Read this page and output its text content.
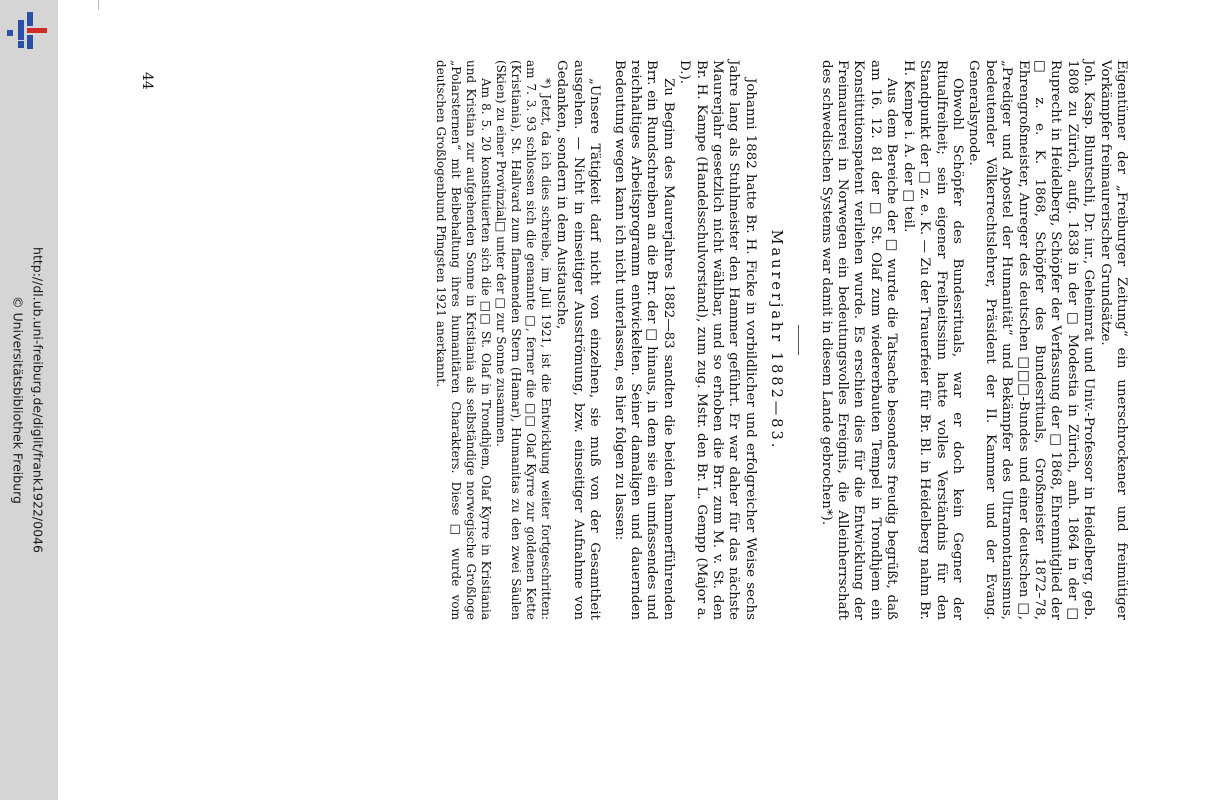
http://dl.ub.uni-freiburg.de/diglit/frank1922/0046
© Universitätsbibliothek Freiburg	Eigentümer der „Freiburger Zeitung“ ein unerschrockener und freimütiger Vorkämpfer freimaurerischer Grundsätze.

Joh. Kasp. Bluntschli, Dr. iur., Geheimrat und Univ.-Professor in Heidelberg, geb. 1808 zu Zürich, aufg. 1838 in der □ Modestia in Zürich, anh. 1864 in der □ Ruprecht in Heidelberg, Schöpfer der Verfassung der □ 1868, Ehrenmitglied der □ z. e. K. 1868, Schöpfer des Bundesrituals, Großmeister 1872–78, Ehrengroßmeister, Anreger des deutschen □□□-Bundes und einer deutschen □, „Prediger und Apostel der Humanität“ und Bekämpfer des Ultramontanismus, bedeutender Völkerrechtslehrer, Präsident der II. Kammer und der Evang. Generalsynode.

Obwohl Schöpfer des Bundesrituals, war er doch kein Gegner der Ritualfreiheit; sein eigener Freiheitssinn hatte volles Verständnis für den Standpunkt der □ z. e. K. — Zu der Trauerfeier für Br. Bl. in Heidelberg nahm Br. H. Kempe i. A. der □ teil.

Aus dem Bereiche der □ wurde die Tatsache besonders freudig begrüßt, daß am 16. 12. 81 der □ St. Olaf zum wiedererbauten Tempel in Trondhjem ein Konstitutionspatent verliehen wurde. Es erschien dies für die Entwicklung der Freimaurerei in Norwegen ein bedeutungsvolles Ereignis, die Alleinherrschaft des schwedischen Systems war damit in diesem Lande gebrochen*).

Maurerjahr 1882—83.

Johanni 1882 hatte Br. H. Ficke in vorbildlicher und erfolgreicher Weise sechs Jahre lang als Stuhlmeister den Hammer geführt. Er war daher für das nächste Maurerjahr gesetzlich nicht wählbar, und so erhoben die Brr. zum M. v. St. den Br. H. Kampe (Handelsschulvorstand), zum zug. Mstr. den Br. L. Gempp (Major a. D.).

Zu Beginn des Maurerjahres 1882—83 sandten die beiden hammerführenden Brr. ein Rundschreiben an die Brr. der □ hinaus, in dem sie ein umfassendes und reichhaltiges Arbeitsprogramm entwickelten. Seiner damaligen und dauernden Bedeutung wegen kann ich nicht unterlassen, es hier folgen zu lassen:

„Unsere Tätigkeit darf nicht von einzelnen, sie muß von der Gesamtheit ausgehen. — Nicht in einseitiger Ausströmung, bzw. einseitiger Aufnahme von Gedanken, sondern in dem Austausche,

*) Jetzt, da ich dies schreibe, im Juli 1921, ist die Entwicklung weiter fortgeschritten: am 7. 3. 93 schlossen sich die genannte □, ferner die □□ Olaf Kyrre zur goldenen Kette (Kristiania), St. Hallvard zum flammenden Stern (Hamar), Humanitas zu den zwei Säulen (Skien) zu einer Provinzial□ unter der □ zur Sonne zusammen.

Am 8. 5. 20 konstituierten sich die □□ St. Olaf in Trondhjem, Olaf Kyrre in Kristiania und Kristian zur aufgehenden Sonne in Kristiania als selbständige norwegische Großloge „Polarsternen“ mit Beibehaltung ihres humanitären Charakters. Diese □ wurde vom deutschen Großlogenbund Pfingsten 1921 anerkannt.

44
